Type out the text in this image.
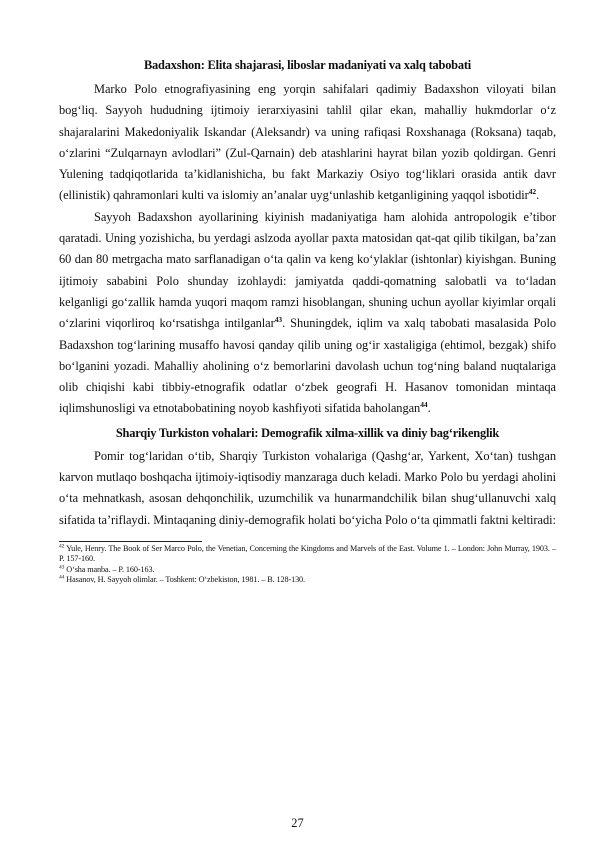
Badaxshon: Elita shajarasi, liboslar madaniyati va xalq tabobati

Marko Polo etnografiyasining eng yorqin sahifalari qadimiy Badaxshon viloyati bilan bog‘liq. Sayyoh hududning ijtimoiy ierarxiyasini tahlil qilar ekan, mahalliy hukmdorlar o‘z shajaralarini Makedoniyalik Iskandar (Aleksandr) va uning rafiqasi Roxshanaga (Roksana) taqab, o‘zlarini “Zulqarnayn avlodlari” (Zul-Qarnain) deb atashlarini hayrat bilan yozib qoldirgan. Genri Yulening tadqiqotlarida ta’kidlanishicha, bu fakt Markaziy Osiyo tog‘liklari orasida antik davr (ellinistik) qahramonlari kulti va islomiy an’analar uyg‘unlashib ketganligining yaqqol isbotidir$^{42}$.

Sayyoh Badaxshon ayollarining kiyinish madaniyatiga ham alohida antropologik e’tibor qaratadi. Uning yozishicha, bu yerdagi aslzoda ayollar paxta matosidan qat-qat qilib tikilgan, ba’zan 60 dan 80 metrgacha mato sarflanadigan o‘ta qalin va keng ko‘ylaklar (ishtonlar) kiyishgan. Buning ijtimoiy sababini Polo shunday izohlaydi: jamiyatda qaddi-qomatning salobatli va to‘ladan kelganligi go‘zallik hamda yuqori maqom ramzi hisoblangan, shuning uchun ayollar kiyimlar orqali o‘zlarini viqorliroq ko‘rsatishga intilganlar$^{43}$. Shuningdek, iqlim va xalq tabobati masalasida Polo Badaxshon tog‘larining musaffo havosi qanday qilib uning og‘ir xastaligiga (ehtimol, bezgak) shifo bo‘lganini yozadi. Mahalliy aholining o‘z bemorlarini davolash uchun tog‘ning baland nuqtalariga olib chiqishi kabi tibbiy-etnografik odatlar o‘zbek geografi H. Hasanov tomonidan mintaqa iqlimshunosligi va etnotabobatining noyob kashfiyoti sifatida baholangan$^{44}$.

Sharqiy Turkiston vohalari: Demografik xilma-xillik va diniy bag‘rikenglik

Pomir tog‘laridan o‘tib, Sharqiy Turkiston vohalariga (Qashg‘ar, Yarkent, Xo‘tan) tushgan karvon mutlaqo boshqacha ijtimoiy-iqtisodiy manzaraga duch keladi. Marko Polo bu yerdagi aholini o‘ta mehnatkash, asosan dehqonchilik, uzumchilik va hunarmandchilik bilan shug‘ullanuvchi xalq sifatida ta’riflaydi. Mintaqaning diniy-demografik holati bo‘yicha Polo o‘ta qimmatli faktni keltiradi:

$^{42}$ Yule, Henry. The Book of Ser Marco Polo, the Venetian, Concerning the Kingdoms and Marvels of the East. Volume 1. – London: John Murray, 1903. – P. 157-160.
$^{43}$ O‘sha manba. – P. 160-163.
$^{44}$ Hasanov, H. Sayyoh olimlar. – Toshkent: O‘zbekiston, 1981. – B. 128-130.
27
